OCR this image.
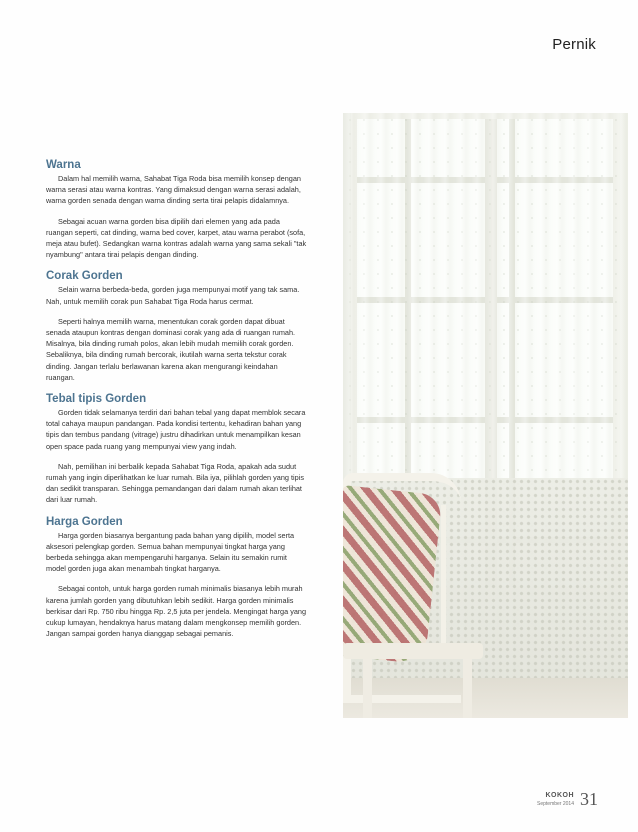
Pernik
Warna

Dalam hal memilih warna, Sahabat Tiga Roda bisa memilih konsep dengan warna serasi atau warna kontras. Yang dimaksud dengan warna serasi adalah, warna gorden senada dengan warna dinding serta tirai pelapis didalamnya.

Sebagai acuan warna gorden bisa dipilih dari elemen yang ada pada ruangan seperti, cat dinding, warna bed cover, karpet, atau warna perabot (sofa, meja atau bufet). Sedangkan warna kontras adalah warna yang sama sekali "tak nyambung" antara tirai pelapis dengan dinding.

Corak Gorden

Selain warna berbeda-beda, gorden juga mempunyai motif yang tak sama. Nah, untuk memilih corak pun Sahabat Tiga Roda harus cermat.

Seperti halnya memilih warna, menentukan corak gorden dapat dibuat senada ataupun kontras dengan dominasi corak yang ada di ruangan rumah. Misalnya, bila dinding rumah polos, akan lebih mudah memilih corak gorden. Sebaliknya, bila dinding rumah bercorak, ikutilah warna serta tekstur corak dinding. Jangan terlalu berlawanan karena akan mengurangi keindahan ruangan.

Tebal tipis Gorden

Gorden tidak selamanya terdiri dari bahan tebal yang dapat memblok secara total cahaya maupun pandangan. Pada kondisi tertentu, kehadiran bahan yang tipis dan tembus pandang (vitrage) justru dihadirkan untuk menampilkan kesan open space pada ruang yang mempunyai view yang indah.

Nah, pemilihan ini berbalik kepada Sahabat Tiga Roda, apakah ada sudut rumah yang ingin diperlihatkan ke luar rumah. Bila iya, pilihlah gorden yang tipis dan sedikit transparan. Sehingga pemandangan dari dalam rumah akan terlihat dari luar rumah.

Harga Gorden

Harga gorden biasanya bergantung pada bahan yang dipilih, model serta aksesori pelengkap gorden. Semua bahan mempunyai tingkat harga yang berbeda sehingga akan mempengaruhi harganya. Selain itu semakin rumit model gorden juga akan menambah tingkat harganya.

Sebagai contoh, untuk harga gorden rumah minimalis biasanya lebih murah karena jumlah gorden yang dibutuhkan lebih sedikit. Harga gorden minimalis berkisar dari Rp. 750 ribu hingga Rp. 2,5 juta per jendela. Mengingat harga yang cukup lumayan, hendaknya harus matang dalam mengkonsep memilih gorden. Jangan sampai gorden hanya dianggap sebagai pemanis.

KOKOH
September 2014 31
